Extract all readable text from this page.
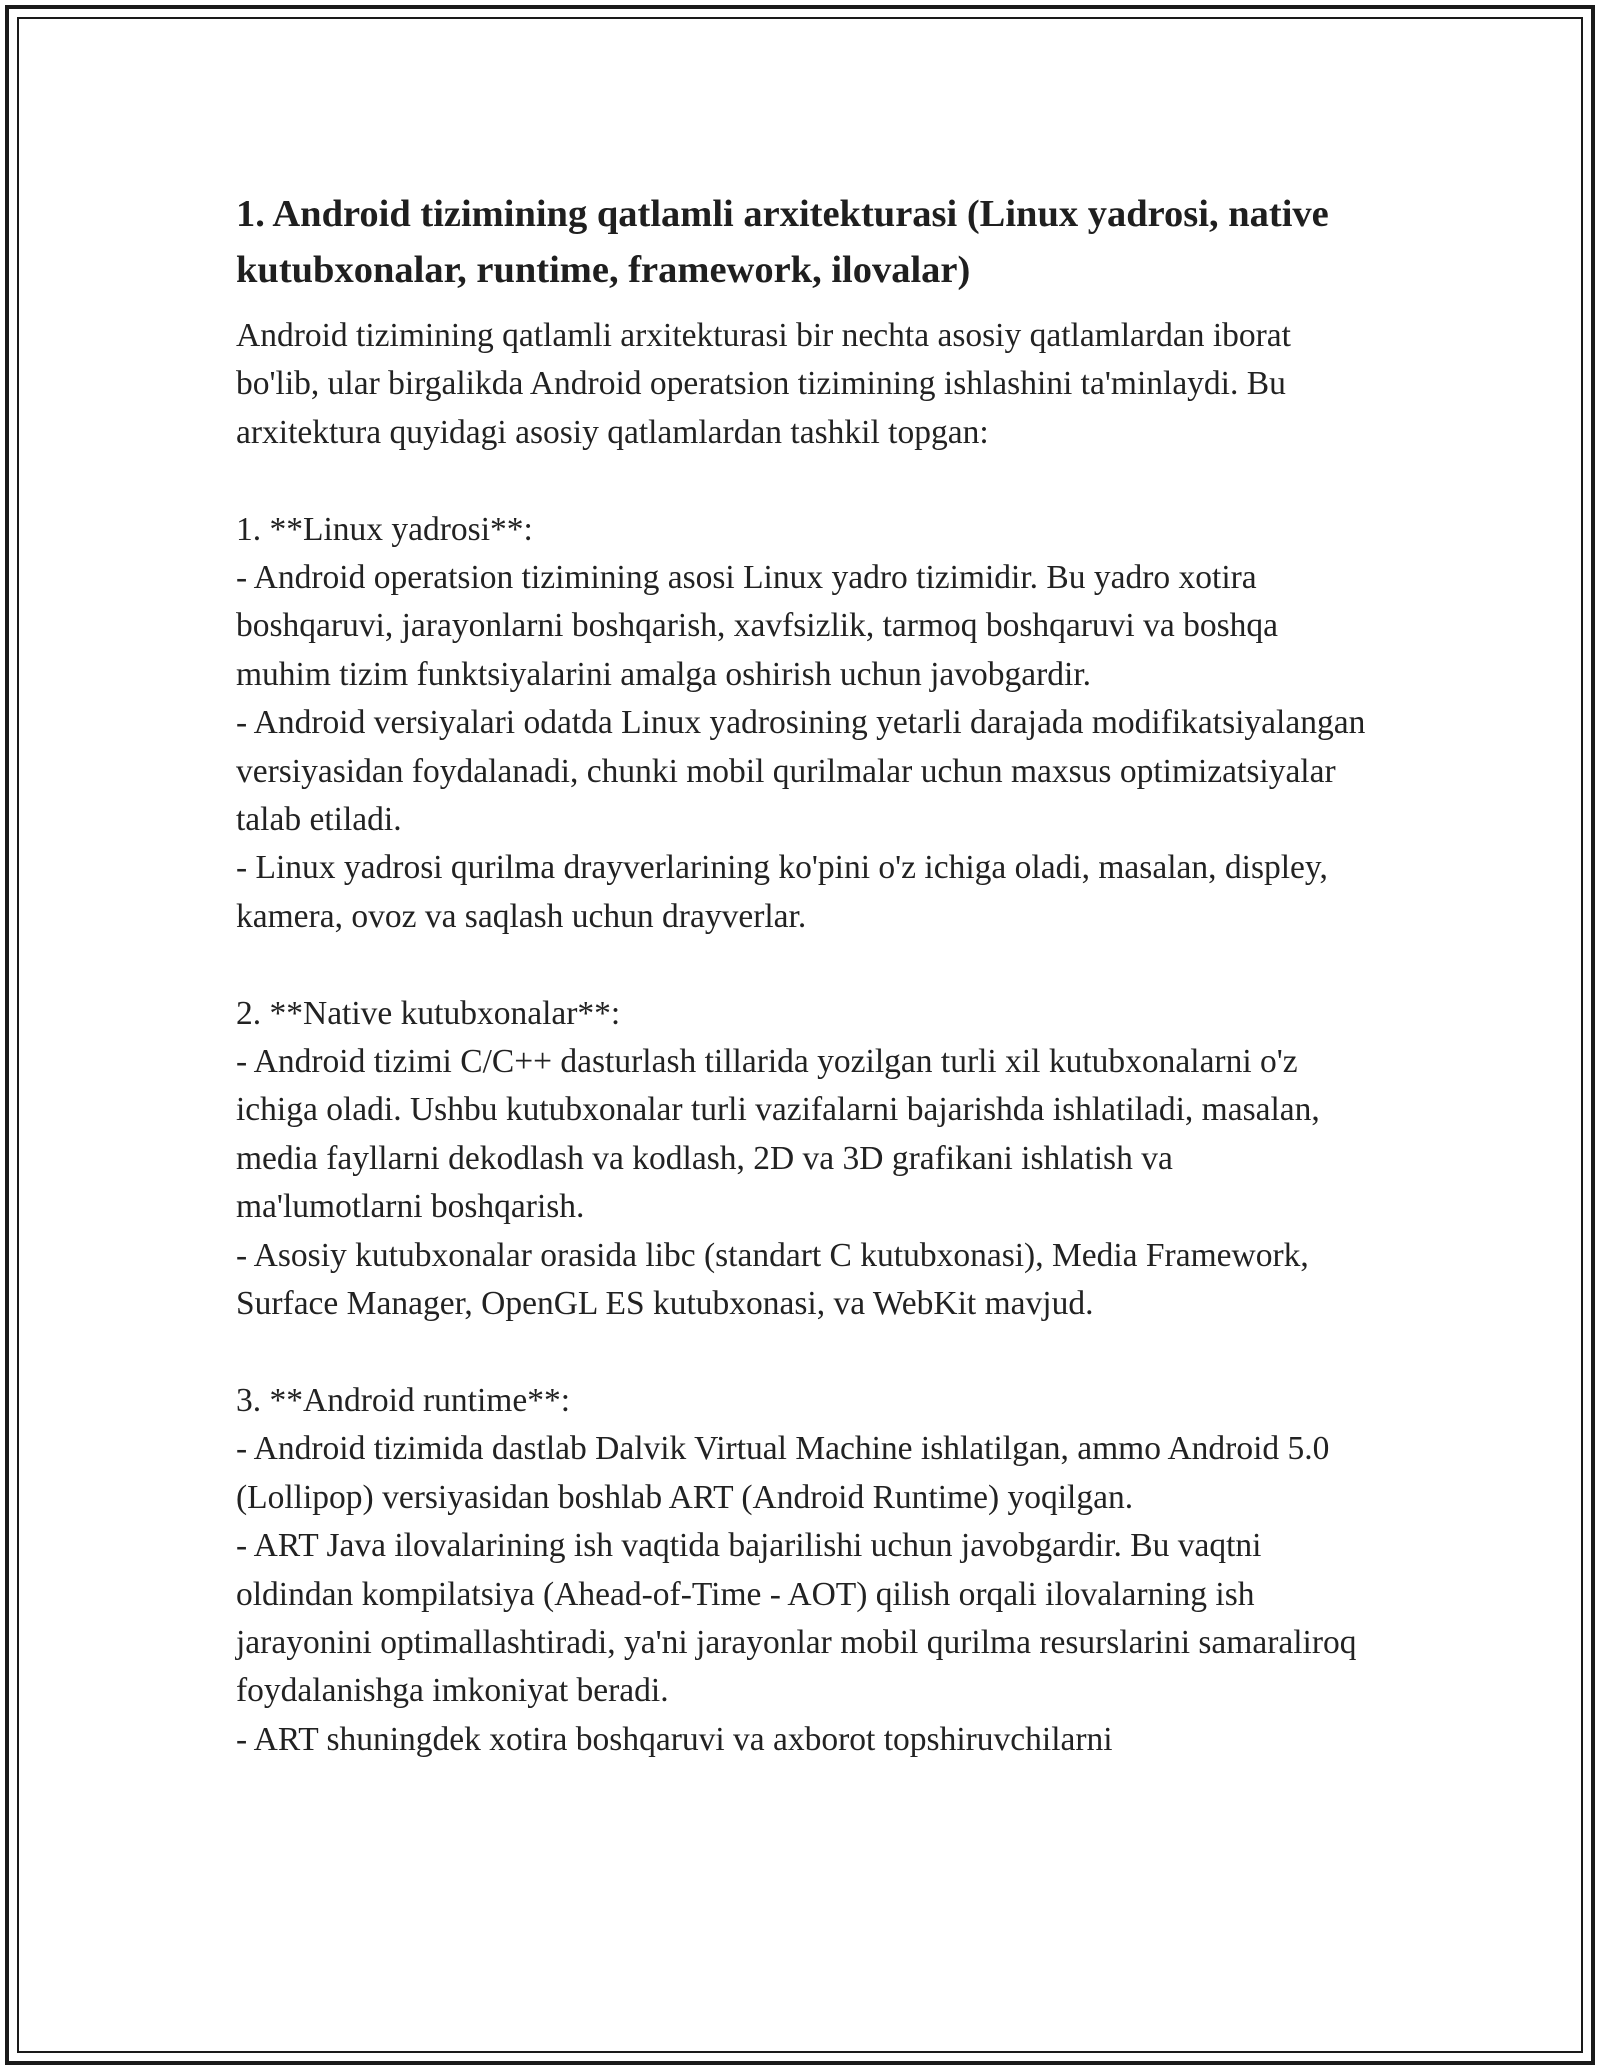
1. Android tizimining qatlamli arxitekturasi (Linux yadrosi, native kutubxonalar, runtime, framework, ilovalar)

Android tizimining qatlamli arxitekturasi bir nechta asosiy qatlamlardan iborat bo'lib, ular birgalikda Android operatsion tizimining ishlashini ta'minlaydi. Bu arxitektura quyidagi asosiy qatlamlardan tashkil topgan:

1. **Linux yadrosi**:

- Android operatsion tizimining asosi Linux yadro tizimidir. Bu yadro xotira boshqaruvi, jarayonlarni boshqarish, xavfsizlik, tarmoq boshqaruvi va boshqa muhim tizim funktsiyalarini amalga oshirish uchun javobgardir.

- Android versiyalari odatda Linux yadrosining yetarli darajada modifikatsiyalangan versiyasidan foydalanadi, chunki mobil qurilmalar uchun maxsus optimizatsiyalar talab etiladi.

- Linux yadrosi qurilma drayverlarining ko'pini o'z ichiga oladi, masalan, displey, kamera, ovoz va saqlash uchun drayverlar.

2. **Native kutubxonalar**:

- Android tizimi C/C++ dasturlash tillarida yozilgan turli xil kutubxonalarni o'z ichiga oladi. Ushbu kutubxonalar turli vazifalarni bajarishda ishlatiladi, masalan, media fayllarni dekodlash va kodlash, 2D va 3D grafikani ishlatish va ma'lumotlarni boshqarish.

- Asosiy kutubxonalar orasida libc (standart C kutubxonasi), Media Framework, Surface Manager, OpenGL ES kutubxonasi, va WebKit mavjud.

3. **Android runtime**:

- Android tizimida dastlab Dalvik Virtual Machine ishlatilgan, ammo Android 5.0 (Lollipop) versiyasidan boshlab ART (Android Runtime) yoqilgan.

- ART Java ilovalarining ish vaqtida bajarilishi uchun javobgardir. Bu vaqtni oldindan kompilatsiya (Ahead-of-Time - AOT) qilish orqali ilovalarning ish jarayonini optimallashtiradi, ya'ni jarayonlar mobil qurilma resurslarini samaraliroq foydalanishga imkoniyat beradi.

- ART shuningdek xotira boshqaruvi va axborot topshiruvchilarni
